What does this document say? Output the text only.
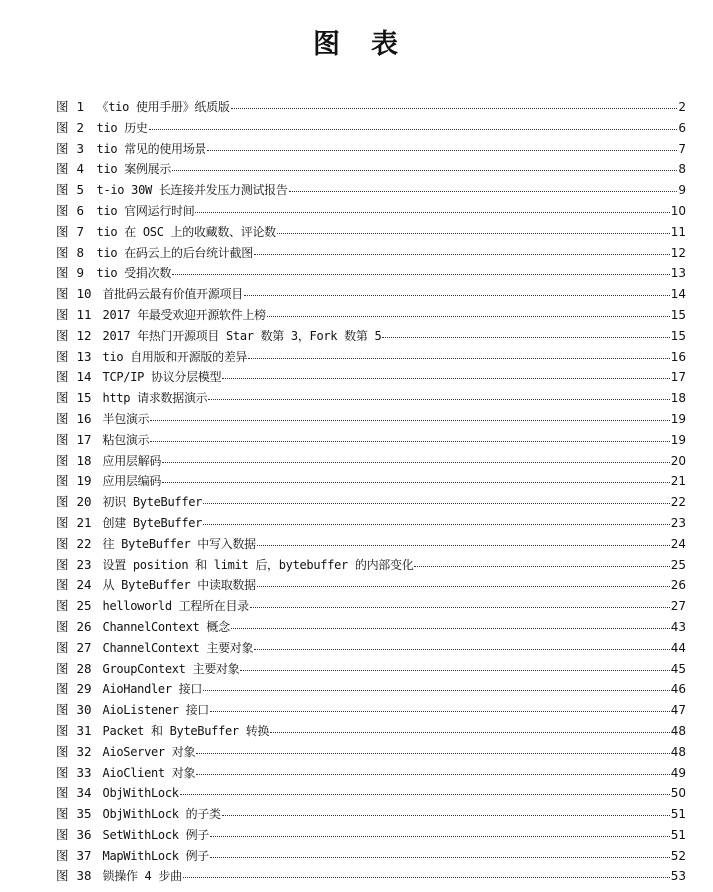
图　表
图 1 《tio 使用手册》纸质版	2
图 2 tio 历史	6
图 3 tio 常见的使用场景	7
图 4 tio 案例展示	8
图 5 t-io 30W 长连接并发压力测试报告	9
图 6 tio 官网运行时间	10
图 7 tio 在 OSC 上的收藏数、评论数	11
图 8 tio 在码云上的后台统计截图	12
图 9 tio 受捐次数	13
图 10 首批码云最有价值开源项目	14
图 11 2017 年最受欢迎开源软件上榜	15
图 12 2017 年热门开源项目 Star 数第 3，Fork 数第 5	15
图 13 tio 自用版和开源版的差异	16
图 14 TCP/IP 协议分层模型	17
图 15 http 请求数据演示	18
图 16 半包演示	19
图 17 粘包演示	19
图 18 应用层解码	20
图 19 应用层编码	21
图 20 初识 ByteBuffer	22
图 21 创建 ByteBuffer	23
图 22 往 ByteBuffer 中写入数据	24
图 23 设置 position 和 limit 后，bytebuffer 的内部变化	25
图 24 从 ByteBuffer 中读取数据	26
图 25 helloworld 工程所在目录	27
图 26 ChannelContext 概念	43
图 27 ChannelContext 主要对象	44
图 28 GroupContext 主要对象	45
图 29 AioHandler 接口	46
图 30 AioListener 接口	47
图 31 Packet 和 ByteBuffer 转换	48
图 32 AioServer 对象	48
图 33 AioClient 对象	49
图 34 ObjWithLock	50
图 35 ObjWithLock 的子类	51
图 36 SetWithLock 例子	51
图 37 MapWithLock 例子	52
图 38 锁操作 4 步曲	53
